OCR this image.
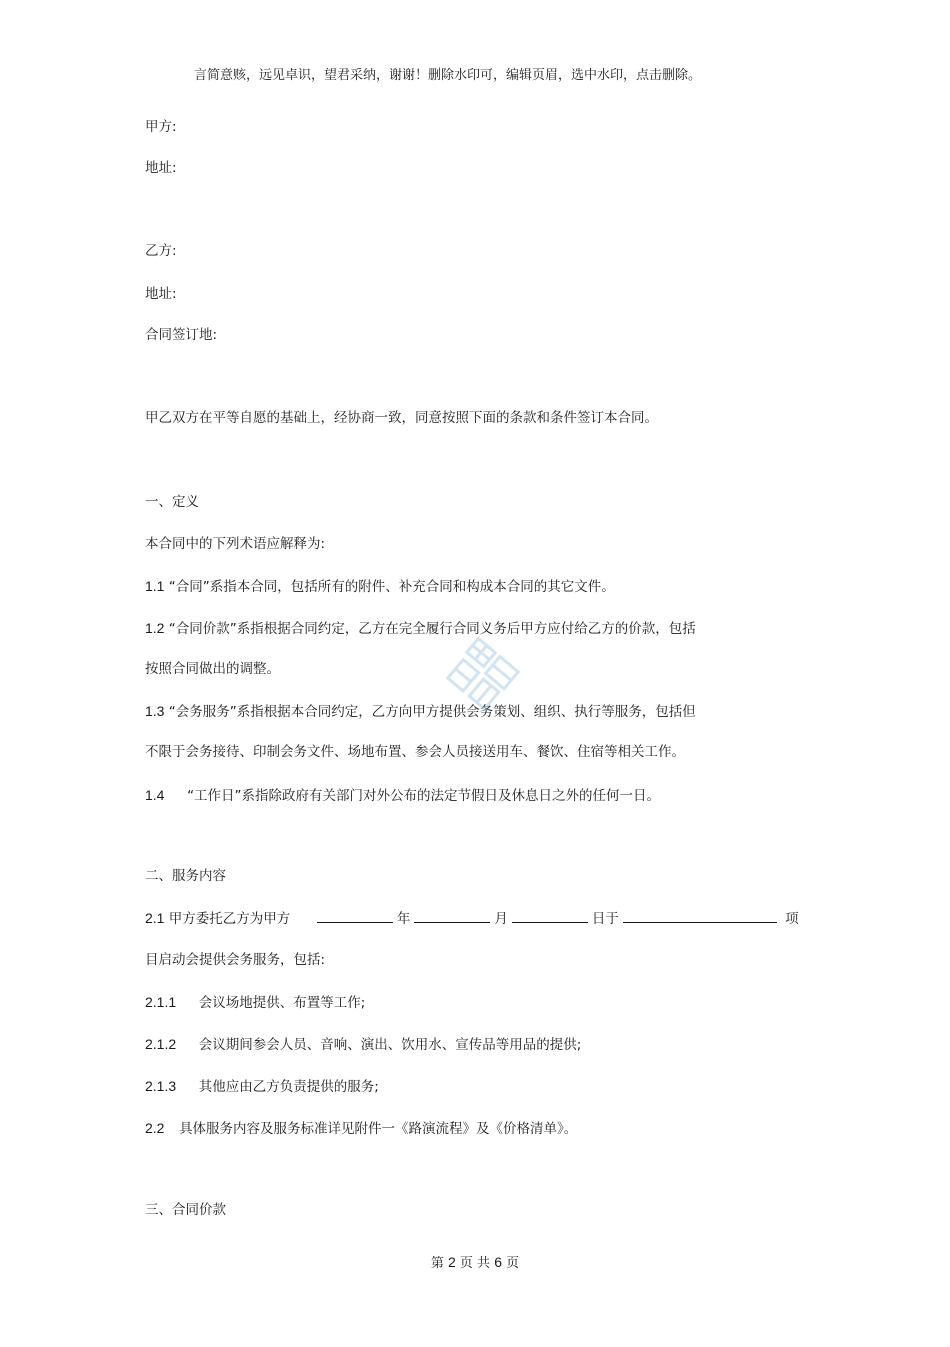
言简意赅，远见卓识，望君采纳，谢谢！删除水印可，编辑页眉，选中水印，点击删除。
甲方:
地址:
乙方:
地址:
合同签订地:
甲乙双方在平等自愿的基础上，经协商一致，同意按照下面的条款和条件签订本合同。
一、定义
本合同中的下列术语应解释为:
1.1 “合同”系指本合同，包括所有的附件、补充合同和构成本合同的其它文件。
1.2 “合同价款”系指根据合同约定，乙方在完全履行合同义务后甲方应付给乙方的价款，包括
按照合同做出的调整。
1.3 “会务服务”系指根据本合同约定，乙方向甲方提供会务策划、组织、执行等服务，包括但
不限于会务接待、印制会务文件、场地布置、参会人员接送用车、餐饮、住宿等相关工作。
1.4 “工作日”系指除政府有关部门对外公布的法定节假日及休息日之外的任何一日。
二、服务内容
2.1 甲方委托乙方为甲方	年	月	日于	项
目启动会提供会务服务，包括:
2.1.1 会议场地提供、布置等工作;
2.1.2 会议期间参会人员、音响、演出、饮用水、宣传品等用品的提供;
2.1.3 其他应由乙方负责提供的服务;
2.2 具体服务内容及服务标准详见附件一《路演流程》及《价格清单》。
三、合同价款
第 2 页 共 6 页
